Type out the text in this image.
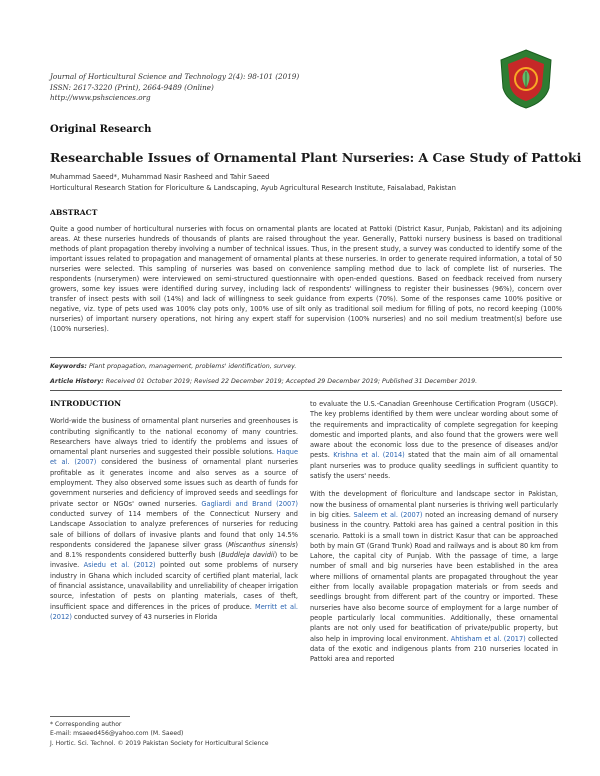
Journal of Horticultural Science and Technology 2(4): 98-101 (2019)
ISSN: 2617-3220 (Print), 2664-9489 (Online)
http://www.pshsciences.org
Original Research
Researchable Issues of Ornamental Plant Nurseries: A Case Study of Pattoki
Muhammad Saeed*, Muhammad Nasir Rasheed and Tahir Saeed
Horticultural Research Station for Floriculture & Landscaping, Ayub Agricultural Research Institute, Faisalabad, Pakistan
ABSTRACT
Quite a good number of horticultural nurseries with focus on ornamental plants are located at Pattoki (District Kasur, Punjab, Pakistan) and its adjoining areas. At these nurseries hundreds of thousands of plants are raised throughout the year. Generally, Pattoki nursery business is based on traditional methods of plant propagation thereby involving a number of technical issues. Thus, in the present study, a survey was conducted to identify some of the important issues related to propagation and management of ornamental plants at these nurseries. In order to generate required information, a total of 50 nurseries were selected. This sampling of nurseries was based on convenience sampling method due to lack of complete list of nurseries. The respondents (nurserymen) were interviewed on semi-structured questionnaire with open-ended questions. Based on feedback received from nursery growers, some key issues were identified during survey, including lack of respondents' willingness to register their businesses (96%), concern over transfer of insect pests with soil (14%) and lack of willingness to seek guidance from experts (70%). Some of the responses came 100% positive or negative, viz. type of pets used was 100% clay pots only, 100% use of silt only as traditional soil medium for filling of pots, no record keeping (100% nurseries) of important nursery operations, not hiring any expert staff for supervision (100% nurseries) and no soil medium treatment(s) before use (100% nurseries).
Keywords: Plant propagation, management, problems' identification, survey.
Article History: Received 01 October 2019; Revised 22 December 2019; Accepted 29 December 2019; Published 31 December 2019.
INTRODUCTION

World-wide the business of ornamental plant nurseries and greenhouses is contributing significantly to the national economy of many countries. Researchers have always tried to identify the problems and issues of ornamental plant nurseries and suggested their possible solutions. Haque et al. (2007) considered the business of ornamental plant nurseries profitable as it generates income and also serves as a source of employment. They also observed some issues such as dearth of funds for government nurseries and deficiency of improved seeds and seedlings for private sector or NGOs' owned nurseries. Gagliardi and Brand (2007) conducted survey of 114 members of the Connecticut Nursery and Landscape Association to analyze preferences of nurseries for reducing sale of billions of dollars of invasive plants and found that only 14.5% respondents considered the Japanese silver grass (Miscanthus sinensis) and 8.1% respondents considered butterfly bush (Buddleja davidii) to be invasive. Asiedu et al. (2012) pointed out some problems of nursery industry in Ghana which included scarcity of certified plant material, lack of financial assistance, unavailability and unreliability of cheaper irrigation source, infestation of pests on planting materials, cases of theft, insufficient space and differences in the prices of produce. Merritt et al. (2012) conducted survey of 43 nurseries in Florida

to evaluate the U.S.-Canadian Greenhouse Certification Program (USGCP). The key problems identified by them were unclear wording about some of the requirements and impracticality of complete segregation for keeping domestic and imported plants, and also found that the growers were well aware about the economic loss due to the presence of diseases and/or pests. Krishna et al. (2014) stated that the main aim of all ornamental plant nurseries was to produce quality seedlings in sufficient quantity to satisfy the users' needs.

With the development of floriculture and landscape sector in Pakistan, now the business of ornamental plant nurseries is thriving well particularly in big cities. Saleem et al. (2007) noted an increasing demand of nursery business in the country. Pattoki area has gained a central position in this scenario. Pattoki is a small town in district Kasur that can be approached both by main GT (Grand Trunk) Road and railways and is about 80 km from Lahore, the capital city of Punjab. With the passage of time, a large number of small and big nurseries have been established in the area where millions of ornamental plants are propagated throughout the year either from locally available propagation materials or from seeds and seedlings brought from different part of the country or imported. These nurseries have also become source of employment for a large number of people particularly local communities. Additionally, these ornamental plants are not only used for beatification of private/public property, but also help in improving local environment. Ahtisham et al. (2017) collected data of the exotic and indigenous plants from 210 nurseries located in Pattoki area and reported

* Corresponding author
E-mail: msaeed456@yahoo.com (M. Saeed)
J. Hortic. Sci. Technol. © 2019 Pakistan Society for Horticultural Science
